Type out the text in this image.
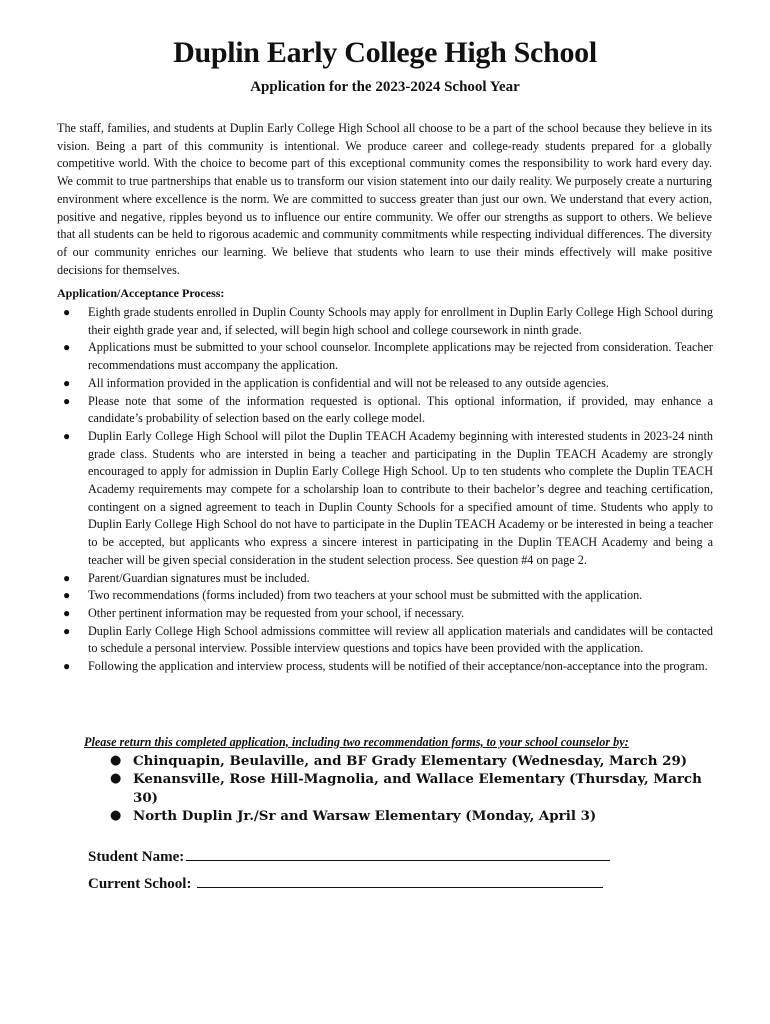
Duplin Early College High School
Application for the 2023-2024 School Year
The staff, families, and students at Duplin Early College High School all choose to be a part of the school because they believe in its vision. Being a part of this community is intentional. We produce career and college-ready students prepared for a globally competitive world. With the choice to become part of this exceptional community comes the responsibility to work hard every day. We commit to true partnerships that enable us to transform our vision statement into our daily reality. We purposely create a nurturing environment where excellence is the norm. We are committed to success greater than just our own. We understand that every action, positive and negative, ripples beyond us to influence our entire community. We offer our strengths as support to others. We believe that all students can be held to rigorous academic and community commitments while respecting individual differences. The diversity of our community enriches our learning. We believe that students who learn to use their minds effectively will make positive decisions for themselves.
Application/Acceptance Process:
● Eighth grade students enrolled in Duplin County Schools may apply for enrollment in Duplin Early College High School during their eighth grade year and, if selected, will begin high school and college coursework in ninth grade.
● Applications must be submitted to your school counselor. Incomplete applications may be rejected from consideration. Teacher recommendations must accompany the application.
● All information provided in the application is confidential and will not be released to any outside agencies.
● Please note that some of the information requested is optional. This optional information, if provided, may enhance a candidate’s probability of selection based on the early college model.
● Duplin Early College High School will pilot the Duplin TEACH Academy beginning with interested students in 2023-24 ninth grade class. Students who are intersted in being a teacher and participating in the Duplin TEACH Academy are strongly encouraged to apply for admission in Duplin Early College High School. Up to ten students who complete the Duplin TEACH Academy requirements may compete for a scholarship loan to contribute to their bachelor’s degree and teaching certification, contingent on a signed agreement to teach in Duplin County Schools for a specified amount of time. Students who apply to Duplin Early College High School do not have to participate in the Duplin TEACH Academy or be interested in being a teacher to be accepted, but applicants who express a sincere interest in participating in the Duplin TEACH Academy and being a teacher will be given special consideration in the student selection process. See question #4 on page 2.
● Parent/Guardian signatures must be included.
● Two recommendations (forms included) from two teachers at your school must be submitted with the application.
● Other pertinent information may be requested from your school, if necessary.
● Duplin Early College High School admissions committee will review all application materials and candidates will be contacted to schedule a personal interview. Possible interview questions and topics have been provided with the application.
● Following the application and interview process, students will be notified of their acceptance/non-acceptance into the program.
Please return this completed application, including two recommendation forms, to your school counselor by:
● Chinquapin, Beulaville, and BF Grady Elementary (Wednesday, March 29)
● Kenansville, Rose Hill-Magnolia, and Wallace Elementary (Thursday, March 30)
● North Duplin Jr./Sr and Warsaw Elementary (Monday, April 3)
Student Name:
Current School:
